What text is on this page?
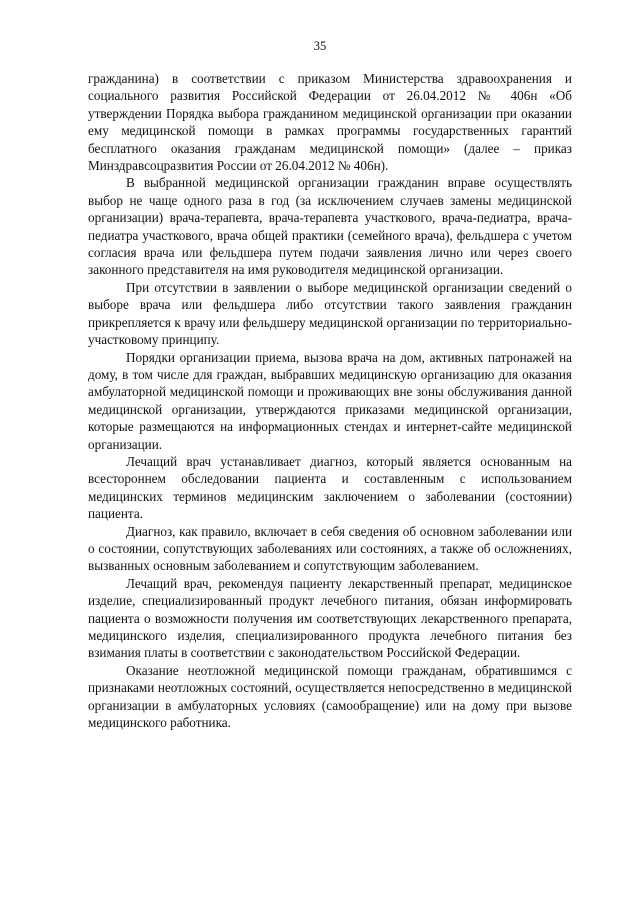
35

гражданина) в соответствии с приказом Министерства здравоохранения и социального развития Российской Федерации от 26.04.2012 № 406н «Об утверждении Порядка выбора гражданином медицинской организации при оказании ему медицинской помощи в рамках программы государственных гарантий бесплатного оказания гражданам медицинской помощи» (далее – приказ Минздравсоцразвития России от 26.04.2012 № 406н).

В выбранной медицинской организации гражданин вправе осуществлять выбор не чаще одного раза в год (за исключением случаев замены медицинской организации) врача-терапевта, врача-терапевта участкового, врача-педиатра, врача-педиатра участкового, врача общей практики (семейного врача), фельдшера с учетом согласия врача или фельдшера путем подачи заявления лично или через своего законного представителя на имя руководителя медицинской организации.

При отсутствии в заявлении о выборе медицинской организации сведений о выборе врача или фельдшера либо отсутствии такого заявления гражданин прикрепляется к врачу или фельдшеру медицинской организации по территориально-участковому принципу.

Порядки организации приема, вызова врача на дом, активных патронажей на дому, в том числе для граждан, выбравших медицинскую организацию для оказания амбулаторной медицинской помощи и проживающих вне зоны обслуживания данной медицинской организации, утверждаются приказами медицинской организации, которые размещаются на информационных стендах и интернет-сайте медицинской организации.

Лечащий врач устанавливает диагноз, который является основанным на всестороннем обследовании пациента и составленным с использованием медицинских терминов медицинским заключением о заболевании (состоянии) пациента.

Диагноз, как правило, включает в себя сведения об основном заболевании или о состоянии, сопутствующих заболеваниях или состояниях, а также об осложнениях, вызванных основным заболеванием и сопутствующим заболеванием.

Лечащий врач, рекомендуя пациенту лекарственный препарат, медицинское изделие, специализированный продукт лечебного питания, обязан информировать пациента о возможности получения им соответствующих лекарственного препарата, медицинского изделия, специализированного продукта лечебного питания без взимания платы в соответствии с законодательством Российской Федерации.

Оказание неотложной медицинской помощи гражданам, обратившимся с признаками неотложных состояний, осуществляется непосредственно в медицинской организации в амбулаторных условиях (самообращение) или на дому при вызове медицинского работника.
